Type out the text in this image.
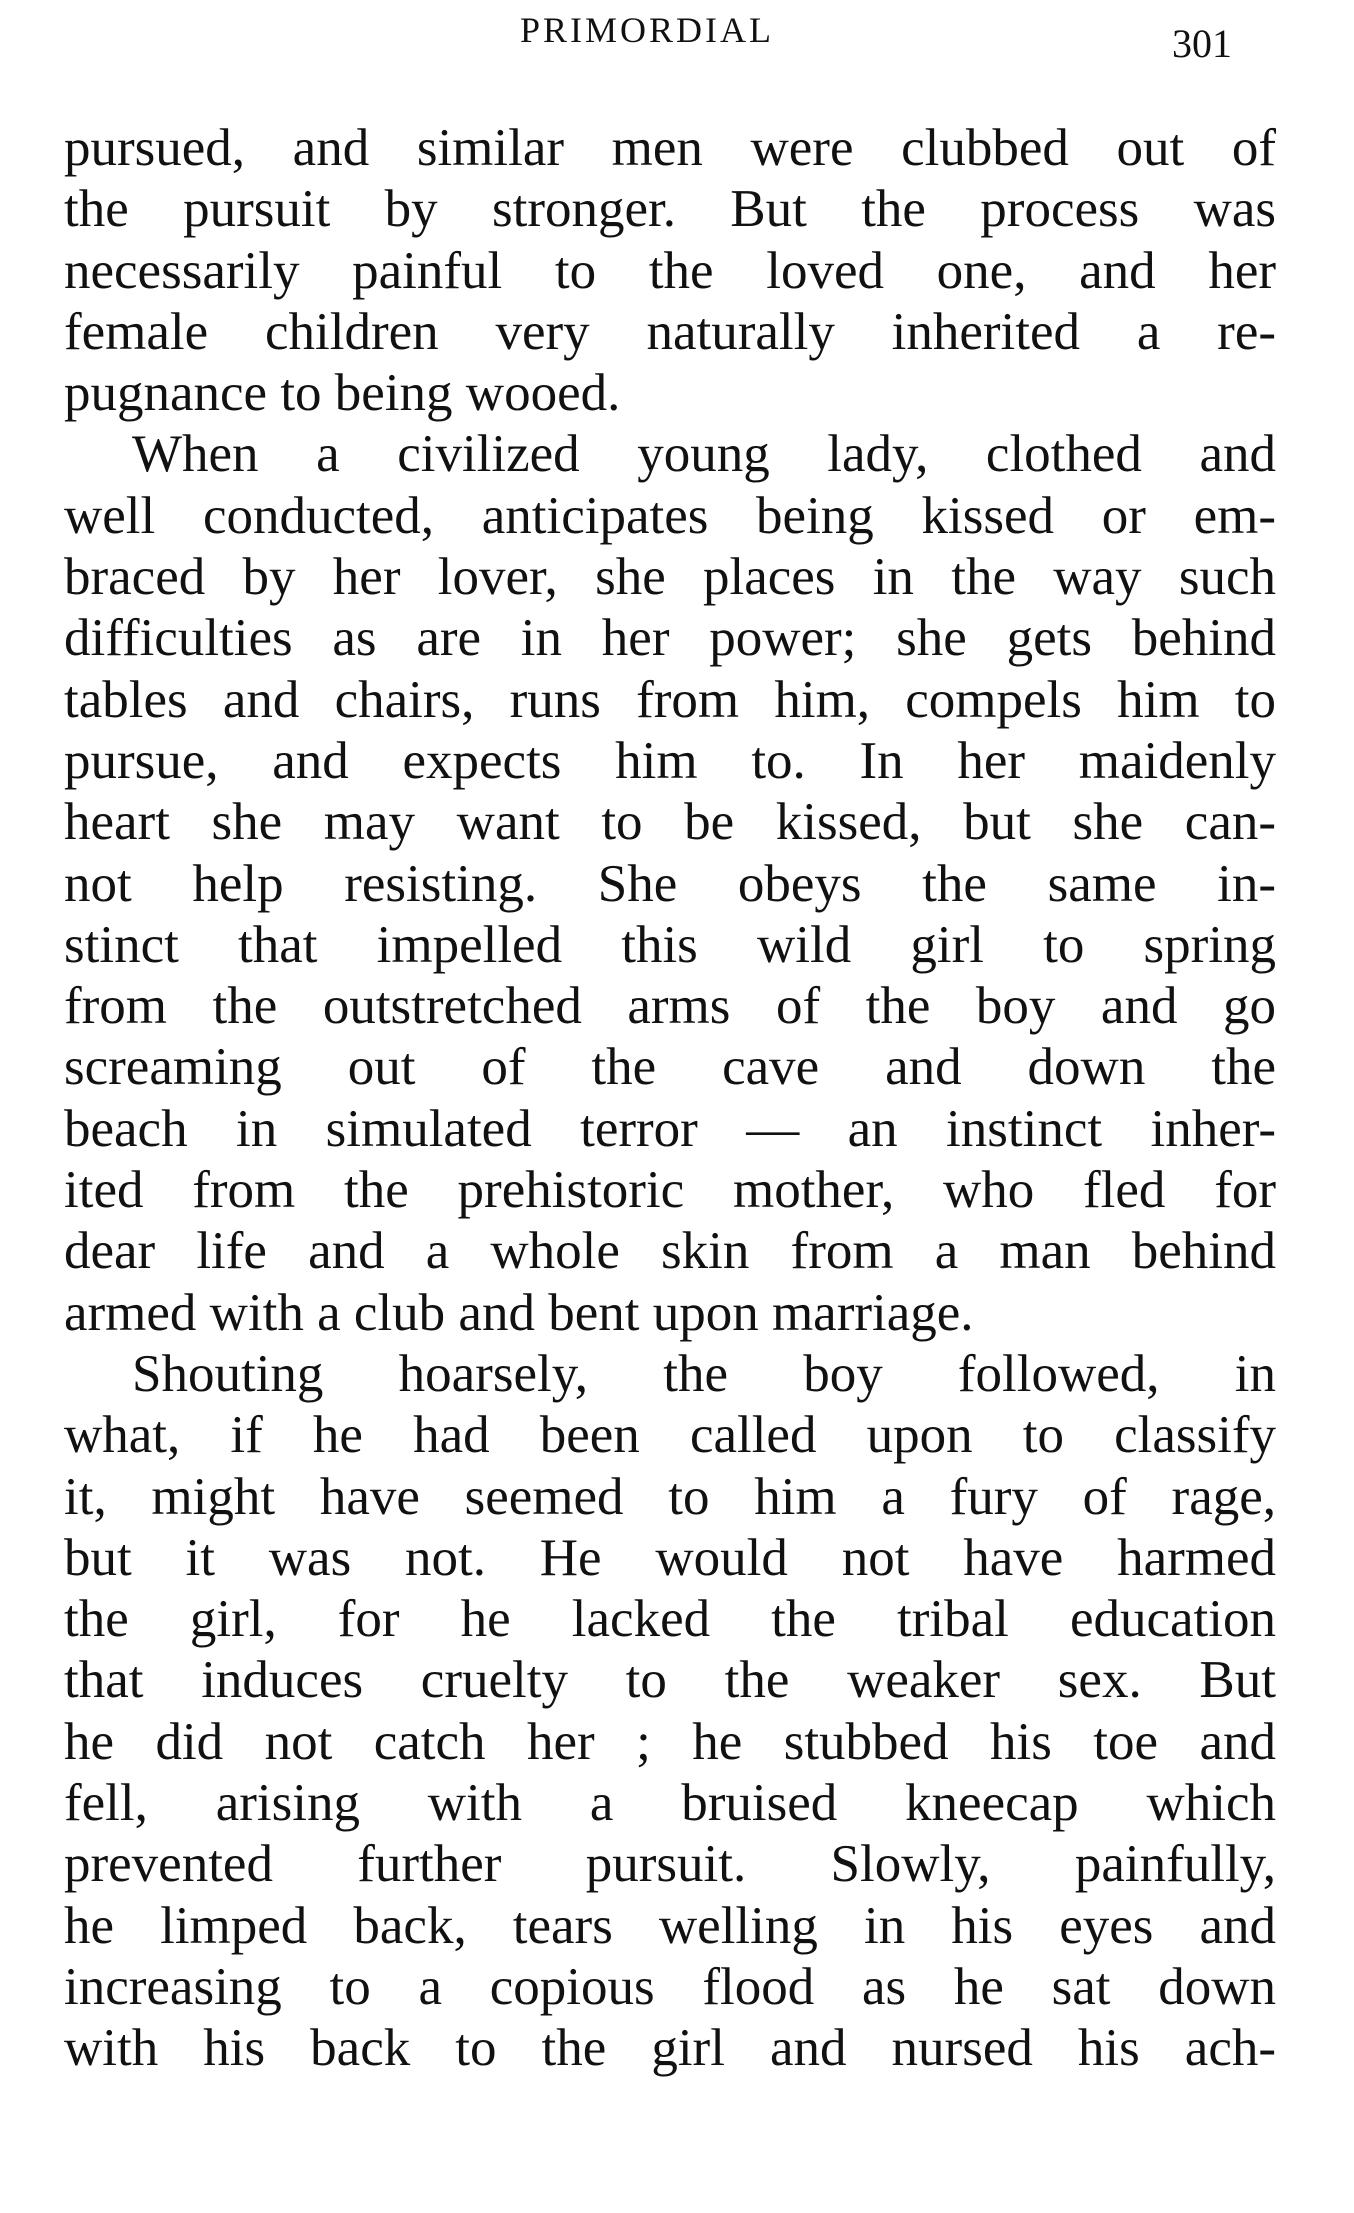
PRIMORDIAL	301
pursued, and similar men were clubbed out of
the pursuit by stronger. But the process was
necessarily painful to the loved one, and her
female children very naturally inherited a re-
pugnance to being wooed.
When a civilized young lady, clothed and
well conducted, anticipates being kissed or em-
braced by her lover, she places in the way such
difficulties as are in her power; she gets behind
tables and chairs, runs from him, compels him to
pursue, and expects him to. In her maidenly
heart she may want to be kissed, but she can-
not help resisting. She obeys the same in-
stinct that impelled this wild girl to spring
from the outstretched arms of the boy and go
screaming out of the cave and down the
beach in simulated terror — an instinct inher-
ited from the prehistoric mother, who fled for
dear life and a whole skin from a man behind
armed with a club and bent upon marriage.
Shouting hoarsely, the boy followed, in
what, if he had been called upon to classify
it, might have seemed to him a fury of rage,
but it was not. He would not have harmed
the girl, for he lacked the tribal education
that induces cruelty to the weaker sex. But
he did not catch her ; he stubbed his toe and
fell, arising with a bruised kneecap which
prevented further pursuit. Slowly, painfully,
he limped back, tears welling in his eyes and
increasing to a copious flood as he sat down
with his back to the girl and nursed his ach-
